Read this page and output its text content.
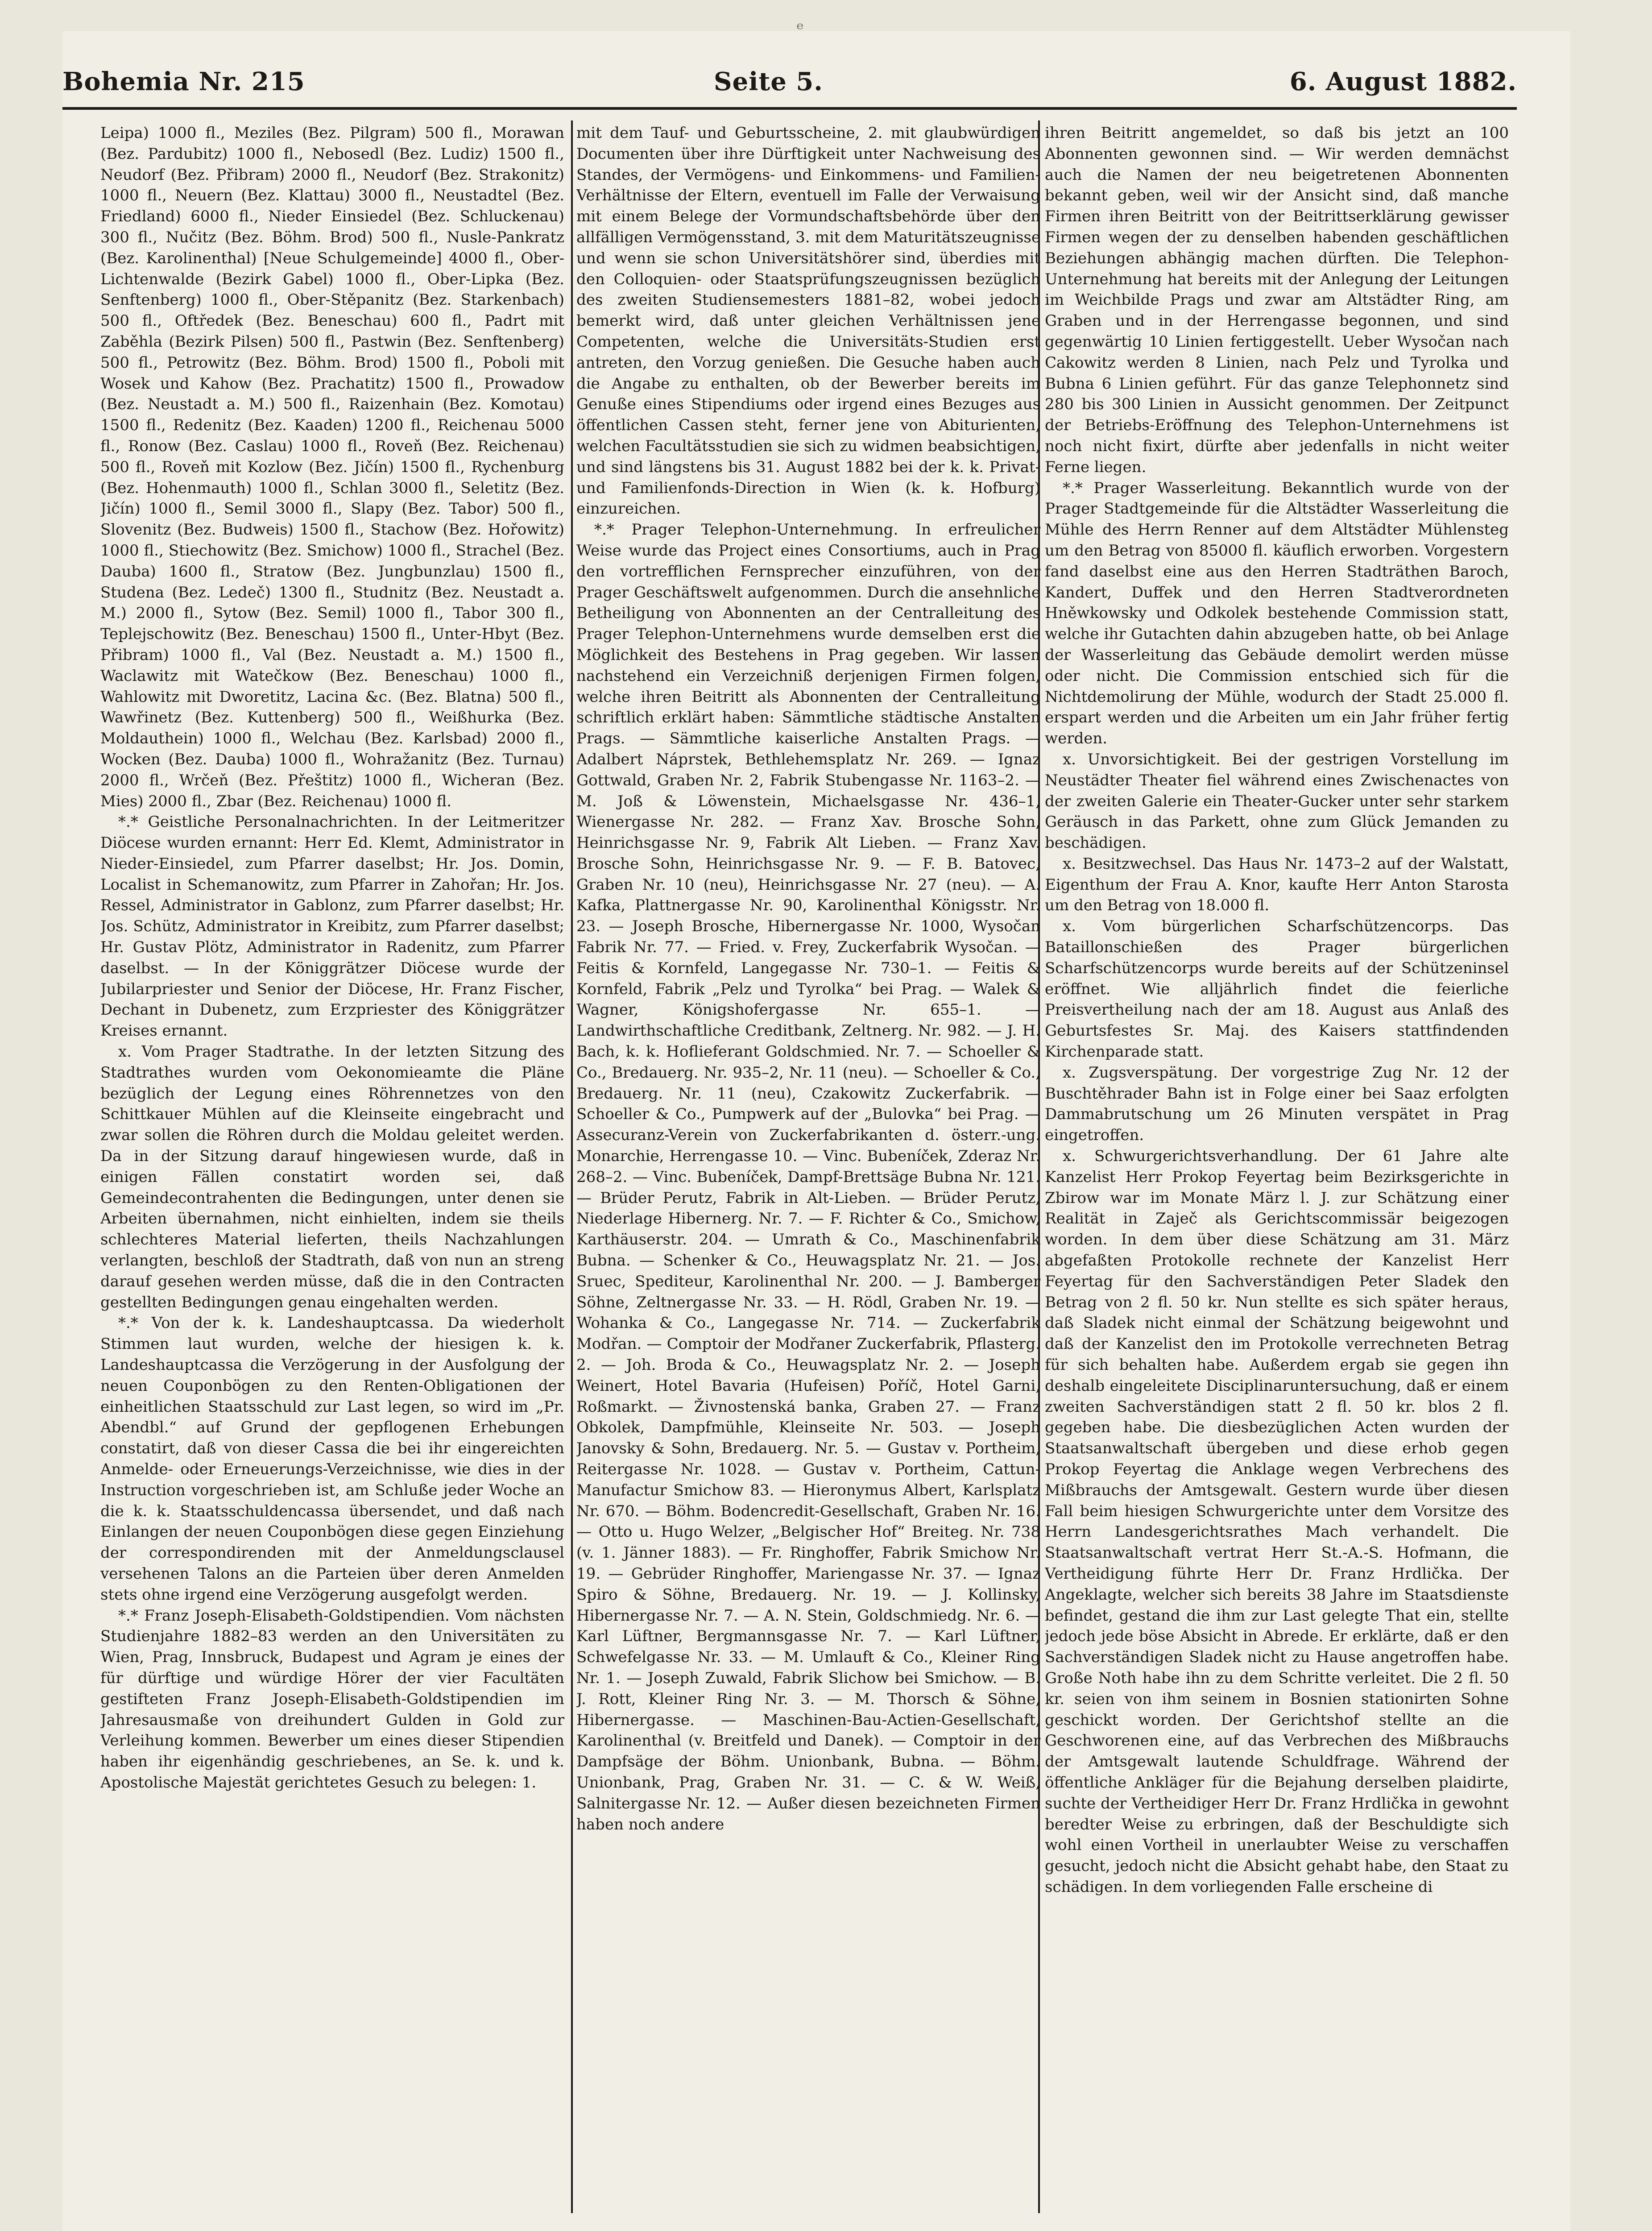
ᵉ
Bohemia Nr. 215	Seite 5.	6. August 1882.

Leipa) 1000 fl., Meziles (Bez. Pilgram) 500 fl., Morawan (Bez. Pardubitz) 1000 fl., Nebosedl (Bez. Ludiz) 1500 fl., Neudorf (Bez. Přibram) 2000 fl., Neudorf (Bez. Strakonitz) 1000 fl., Neuern (Bez. Klattau) 3000 fl., Neustadtel (Bez. Friedland) 6000 fl., Nieder Einsiedel (Bez. Schluckenau) 300 fl., Nučitz (Bez. Böhm. Brod) 500 fl., Nusle-Pankratz (Bez. Karolinenthal) [Neue Schulgemeinde] 4000 fl., Ober-Lichtenwalde (Bezirk Gabel) 1000 fl., Ober-Lipka (Bez. Senftenberg) 1000 fl., Ober-Stěpanitz (Bez. Starkenbach) 500 fl., Oftředek (Bez. Beneschau) 600 fl., Padrt mit Zaběhla (Bezirk Pilsen) 500 fl., Pastwin (Bez. Senftenberg) 500 fl., Petrowitz (Bez. Böhm. Brod) 1500 fl., Poboli mit Wosek und Kahow (Bez. Prachatitz) 1500 fl., Prowadow (Bez. Neustadt a. M.) 500 fl., Raizenhain (Bez. Komotau) 1500 fl., Redenitz (Bez. Kaaden) 1200 fl., Reichenau 5000 fl., Ronow (Bez. Caslau) 1000 fl., Roveň (Bez. Reichenau) 500 fl., Roveň mit Kozlow (Bez. Jičín) 1500 fl., Rychenburg (Bez. Hohenmauth) 1000 fl., Schlan 3000 fl., Seletitz (Bez. Jičín) 1000 fl., Semil 3000 fl., Slapy (Bez. Tabor) 500 fl., Slovenitz (Bez. Budweis) 1500 fl., Stachow (Bez. Hořowitz) 1000 fl., Stiechowitz (Bez. Smichow) 1000 fl., Strachel (Bez. Dauba) 1600 fl., Stratow (Bez. Jungbunzlau) 1500 fl., Studena (Bez. Ledeč) 1300 fl., Studnitz (Bez. Neustadt a. M.) 2000 fl., Sytow (Bez. Semil) 1000 fl., Tabor 300 fl., Teplejschowitz (Bez. Beneschau) 1500 fl., Unter-Hbyt (Bez. Přibram) 1000 fl., Val (Bez. Neustadt a. M.) 1500 fl., Waclawitz mit Watečkow (Bez. Beneschau) 1000 fl., Wahlowitz mit Dworetitz, Lacina &c. (Bez. Blatna) 500 fl., Wawřinetz (Bez. Kuttenberg) 500 fl., Weißhurka (Bez. Moldauthein) 1000 fl., Welchau (Bez. Karlsbad) 2000 fl., Wocken (Bez. Dauba) 1000 fl., Wohražanitz (Bez. Turnau) 2000 fl., Wrčeň (Bez. Přeštitz) 1000 fl., Wicheran (Bez. Mies) 2000 fl., Zbar (Bez. Reichenau) 1000 fl.

*.* Geistliche Personalnachrichten. In der Leitmeritzer Diöcese wurden ernannt: Herr Ed. Klemt, Administrator in Nieder-Einsiedel, zum Pfarrer daselbst; Hr. Jos. Domin, Localist in Schemanowitz, zum Pfarrer in Zahořan; Hr. Jos. Ressel, Administrator in Gablonz, zum Pfarrer daselbst; Hr. Jos. Schütz, Administrator in Kreibitz, zum Pfarrer daselbst; Hr. Gustav Plötz, Administrator in Radenitz, zum Pfarrer daselbst. — In der Königgrätzer Diöcese wurde der Jubilarpriester und Senior der Diöcese, Hr. Franz Fischer, Dechant in Dubenetz, zum Erzpriester des Königgrätzer Kreises ernannt.

x. Vom Prager Stadtrathe. In der letzten Sitzung des Stadtrathes wurden vom Oekonomieamte die Pläne bezüglich der Legung eines Röhrennetzes von den Schittkauer Mühlen auf die Kleinseite eingebracht und zwar sollen die Röhren durch die Moldau geleitet werden. Da in der Sitzung darauf hingewiesen wurde, daß in einigen Fällen constatirt worden sei, daß Gemeindecontrahenten die Bedingungen, unter denen sie Arbeiten übernahmen, nicht einhielten, indem sie theils schlechteres Material lieferten, theils Nachzahlungen verlangten, beschloß der Stadtrath, daß von nun an streng darauf gesehen werden müsse, daß die in den Contracten gestellten Bedingungen genau eingehalten werden.

*.* Von der k. k. Landeshauptcassa. Da wiederholt Stimmen laut wurden, welche der hiesigen k. k. Landeshauptcassa die Verzögerung in der Ausfolgung der neuen Couponbögen zu den Renten-Obligationen der einheitlichen Staatsschuld zur Last legen, so wird im „Pr. Abendbl.“ auf Grund der gepflogenen Erhebungen constatirt, daß von dieser Cassa die bei ihr eingereichten Anmelde- oder Erneuerungs-Verzeichnisse, wie dies in der Instruction vorgeschrieben ist, am Schluße jeder Woche an die k. k. Staatsschuldencassa übersendet, und daß nach Einlangen der neuen Couponbögen diese gegen Einziehung der correspondirenden mit der Anmeldungsclausel versehenen Talons an die Parteien über deren Anmelden stets ohne irgend eine Verzögerung ausgefolgt werden.

*.* Franz Joseph-Elisabeth-Goldstipendien. Vom nächsten Studienjahre 1882–83 werden an den Universitäten zu Wien, Prag, Innsbruck, Budapest und Agram je eines der für dürftige und würdige Hörer der vier Facultäten gestifteten Franz Joseph-Elisabeth-Goldstipendien im Jahresausmaße von dreihundert Gulden in Gold zur Verleihung kommen. Bewerber um eines dieser Stipendien haben ihr eigenhändig geschriebenes, an Se. k. und k. Apostolische Majestät gerichtetes Gesuch zu belegen: 1.

mit dem Tauf- und Geburtsscheine, 2. mit glaubwürdigen Documenten über ihre Dürftigkeit unter Nachweisung des Standes, der Vermögens- und Einkommens- und Familien-Verhältnisse der Eltern, eventuell im Falle der Verwaisung mit einem Belege der Vormundschaftsbehörde über den allfälligen Vermögensstand, 3. mit dem Maturitätszeugnisse und wenn sie schon Universitätshörer sind, überdies mit den Colloquien- oder Staatsprüfungszeugnissen bezüglich des zweiten Studiensemesters 1881–82, wobei jedoch bemerkt wird, daß unter gleichen Verhältnissen jene Competenten, welche die Universitäts-Studien erst antreten, den Vorzug genießen. Die Gesuche haben auch die Angabe zu enthalten, ob der Bewerber bereits im Genuße eines Stipendiums oder irgend eines Bezuges aus öffentlichen Cassen steht, ferner jene von Abiturienten, welchen Facultätsstudien sie sich zu widmen beabsichtigen, und sind längstens bis 31. August 1882 bei der k. k. Privat- und Familienfonds-Direction in Wien (k. k. Hofburg) einzureichen.

*.* Prager Telephon-Unternehmung. In erfreulicher Weise wurde das Project eines Consortiums, auch in Prag den vortrefflichen Fernsprecher einzuführen, von der Prager Geschäftswelt aufgenommen. Durch die ansehnliche Betheiligung von Abonnenten an der Centralleitung des Prager Telephon-Unternehmens wurde demselben erst die Möglichkeit des Bestehens in Prag gegeben. Wir lassen nachstehend ein Verzeichniß derjenigen Firmen folgen, welche ihren Beitritt als Abonnenten der Centralleitung schriftlich erklärt haben: Sämmtliche städtische Anstalten Prags. — Sämmtliche kaiserliche Anstalten Prags. — Adalbert Náprstek, Bethlehemsplatz Nr. 269. — Ignaz Gottwald, Graben Nr. 2, Fabrik Stubengasse Nr. 1163–2. — M. Joß & Löwenstein, Michaelsgasse Nr. 436–1, Wienergasse Nr. 282. — Franz Xav. Brosche Sohn, Heinrichsgasse Nr. 9, Fabrik Alt Lieben. — Franz Xav. Brosche Sohn, Heinrichsgasse Nr. 9. — F. B. Batovec, Graben Nr. 10 (neu), Heinrichsgasse Nr. 27 (neu). — A. Kafka, Plattnergasse Nr. 90, Karolinenthal Königsstr. Nr. 23. — Joseph Brosche, Hibernergasse Nr. 1000, Wysočan Fabrik Nr. 77. — Fried. v. Frey, Zuckerfabrik Wysočan. — Feitis & Kornfeld, Langegasse Nr. 730–1. — Feitis & Kornfeld, Fabrik „Pelz und Tyrolka“ bei Prag. — Walek & Wagner, Königshofergasse Nr. 655–1. — Landwirthschaftliche Creditbank, Zeltnerg. Nr. 982. — J. H. Bach, k. k. Hoflieferant Goldschmied. Nr. 7. — Schoeller & Co., Bredauerg. Nr. 935–2, Nr. 11 (neu). — Schoeller & Co., Bredauerg. Nr. 11 (neu), Czakowitz Zuckerfabrik. — Schoeller & Co., Pumpwerk auf der „Bulovka“ bei Prag. — Assecuranz-Verein von Zuckerfabrikanten d. österr.-ung. Monarchie, Herrengasse 10. — Vinc. Bubeníček, Zderaz Nr. 268–2. — Vinc. Bubeníček, Dampf-Brettsäge Bubna Nr. 121. — Brüder Perutz, Fabrik in Alt-Lieben. — Brüder Perutz, Niederlage Hibernerg. Nr. 7. — F. Richter & Co., Smichow, Karthäuserstr. 204. — Umrath & Co., Maschinenfabrik Bubna. — Schenker & Co., Heuwagsplatz Nr. 21. — Jos. Sruec, Spediteur, Karolinenthal Nr. 200. — J. Bamberger Söhne, Zeltnergasse Nr. 33. — H. Rödl, Graben Nr. 19. — Wohanka & Co., Langegasse Nr. 714. — Zuckerfabrik Modřan. — Comptoir der Modřaner Zuckerfabrik, Pflasterg. 2. — Joh. Broda & Co., Heuwagsplatz Nr. 2. — Joseph Weinert, Hotel Bavaria (Hufeisen) Poříč, Hotel Garni, Roßmarkt. — Živnostenská banka, Graben 27. — Franz Obkolek, Dampfmühle, Kleinseite Nr. 503. — Joseph Janovsky & Sohn, Bredauerg. Nr. 5. — Gustav v. Portheim, Reitergasse Nr. 1028. — Gustav v. Portheim, Cattun-Manufactur Smichow 83. — Hieronymus Albert, Karlsplatz Nr. 670. — Böhm. Bodencredit-Gesellschaft, Graben Nr. 16. — Otto u. Hugo Welzer, „Belgischer Hof“ Breiteg. Nr. 738 (v. 1. Jänner 1883). — Fr. Ringhoffer, Fabrik Smichow Nr. 19. — Gebrüder Ringhoffer, Mariengasse Nr. 37. — Ignaz Spiro & Söhne, Bredauerg. Nr. 19. — J. Kollinsky, Hibernergasse Nr. 7. — A. N. Stein, Goldschmiedg. Nr. 6. — Karl Lüftner, Bergmannsgasse Nr. 7. — Karl Lüftner, Schwefelgasse Nr. 33. — M. Umlauft & Co., Kleiner Ring Nr. 1. — Joseph Zuwald, Fabrik Slichow bei Smichow. — B. J. Rott, Kleiner Ring Nr. 3. — M. Thorsch & Söhne, Hibernergasse. — Maschinen-Bau-Actien-Gesellschaft, Karolinenthal (v. Breitfeld und Danek). — Comptoir in der Dampfsäge der Böhm. Unionbank, Bubna. — Böhm. Unionbank, Prag, Graben Nr. 31. — C. & W. Weiß, Salnitergasse Nr. 12. — Außer diesen bezeichneten Firmen haben noch andere

ihren Beitritt angemeldet, so daß bis jetzt an 100 Abonnenten gewonnen sind. — Wir werden demnächst auch die Namen der neu beigetretenen Abonnenten bekannt geben, weil wir der Ansicht sind, daß manche Firmen ihren Beitritt von der Beitrittserklärung gewisser Firmen wegen der zu denselben habenden geschäftlichen Beziehungen abhängig machen dürften. Die Telephon-Unternehmung hat bereits mit der Anlegung der Leitungen im Weichbilde Prags und zwar am Altstädter Ring, am Graben und in der Herrengasse begonnen, und sind gegenwärtig 10 Linien fertiggestellt. Ueber Wysočan nach Cakowitz werden 8 Linien, nach Pelz und Tyrolka und Bubna 6 Linien geführt. Für das ganze Telephonnetz sind 280 bis 300 Linien in Aussicht genommen. Der Zeitpunct der Betriebs-Eröffnung des Telephon-Unternehmens ist noch nicht fixirt, dürfte aber jedenfalls in nicht weiter Ferne liegen.

*.* Prager Wasserleitung. Bekanntlich wurde von der Prager Stadtgemeinde für die Altstädter Wasserleitung die Mühle des Herrn Renner auf dem Altstädter Mühlensteg um den Betrag von 85000 fl. käuflich erworben. Vorgestern fand daselbst eine aus den Herren Stadträthen Baroch, Kandert, Duffek und den Herren Stadtverordneten Hněwkowsky und Odkolek bestehende Commission statt, welche ihr Gutachten dahin abzugeben hatte, ob bei Anlage der Wasserleitung das Gebäude demolirt werden müsse oder nicht. Die Commission entschied sich für die Nichtdemolirung der Mühle, wodurch der Stadt 25.000 fl. erspart werden und die Arbeiten um ein Jahr früher fertig werden.

x. Unvorsichtigkeit. Bei der gestrigen Vorstellung im Neustädter Theater fiel während eines Zwischenactes von der zweiten Galerie ein Theater-Gucker unter sehr starkem Geräusch in das Parkett, ohne zum Glück Jemanden zu beschädigen.

x. Besitzwechsel. Das Haus Nr. 1473–2 auf der Walstatt, Eigenthum der Frau A. Knor, kaufte Herr Anton Starosta um den Betrag von 18.000 fl.

x. Vom bürgerlichen Scharfschützencorps. Das Bataillonschießen des Prager bürgerlichen Scharfschützencorps wurde bereits auf der Schützeninsel eröffnet. Wie alljährlich findet die feierliche Preisvertheilung nach der am 18. August aus Anlaß des Geburtsfestes Sr. Maj. des Kaisers stattfindenden Kirchenparade statt.

x. Zugsverspätung. Der vorgestrige Zug Nr. 12 der Buschtěhrader Bahn ist in Folge einer bei Saaz erfolgten Dammabrutschung um 26 Minuten verspätet in Prag eingetroffen.

x. Schwurgerichtsverhandlung. Der 61 Jahre alte Kanzelist Herr Prokop Feyertag beim Bezirksgerichte in Zbirow war im Monate März l. J. zur Schätzung einer Realität in Zaječ als Gerichtscommissär beigezogen worden. In dem über diese Schätzung am 31. März abgefaßten Protokolle rechnete der Kanzelist Herr Feyertag für den Sachverständigen Peter Sladek den Betrag von 2 fl. 50 kr. Nun stellte es sich später heraus, daß Sladek nicht einmal der Schätzung beigewohnt und daß der Kanzelist den im Protokolle verrechneten Betrag für sich behalten habe. Außerdem ergab sie gegen ihn deshalb eingeleitete Disciplinaruntersuchung, daß er einem zweiten Sachverständigen statt 2 fl. 50 kr. blos 2 fl. gegeben habe. Die diesbezüglichen Acten wurden der Staatsanwaltschaft übergeben und diese erhob gegen Prokop Feyertag die Anklage wegen Verbrechens des Mißbrauchs der Amtsgewalt. Gestern wurde über diesen Fall beim hiesigen Schwurgerichte unter dem Vorsitze des Herrn Landesgerichtsrathes Mach verhandelt. Die Staatsanwaltschaft vertrat Herr St.-A.-S. Hofmann, die Vertheidigung führte Herr Dr. Franz Hrdlička. Der Angeklagte, welcher sich bereits 38 Jahre im Staatsdienste befindet, gestand die ihm zur Last gelegte That ein, stellte jedoch jede böse Absicht in Abrede. Er erklärte, daß er den Sachverständigen Sladek nicht zu Hause angetroffen habe. Große Noth habe ihn zu dem Schritte verleitet. Die 2 fl. 50 kr. seien von ihm seinem in Bosnien stationirten Sohne geschickt worden. Der Gerichtshof stellte an die Geschworenen eine, auf das Verbrechen des Mißbrauchs der Amtsgewalt lautende Schuldfrage. Während der öffentliche Ankläger für die Bejahung derselben plaidirte, suchte der Vertheidiger Herr Dr. Franz Hrdlička in gewohnt beredter Weise zu erbringen, daß der Beschuldigte sich wohl einen Vortheil in unerlaubter Weise zu verschaffen gesucht, jedoch nicht die Absicht gehabt habe, den Staat zu schädigen. In dem vorliegenden Falle erscheine di
